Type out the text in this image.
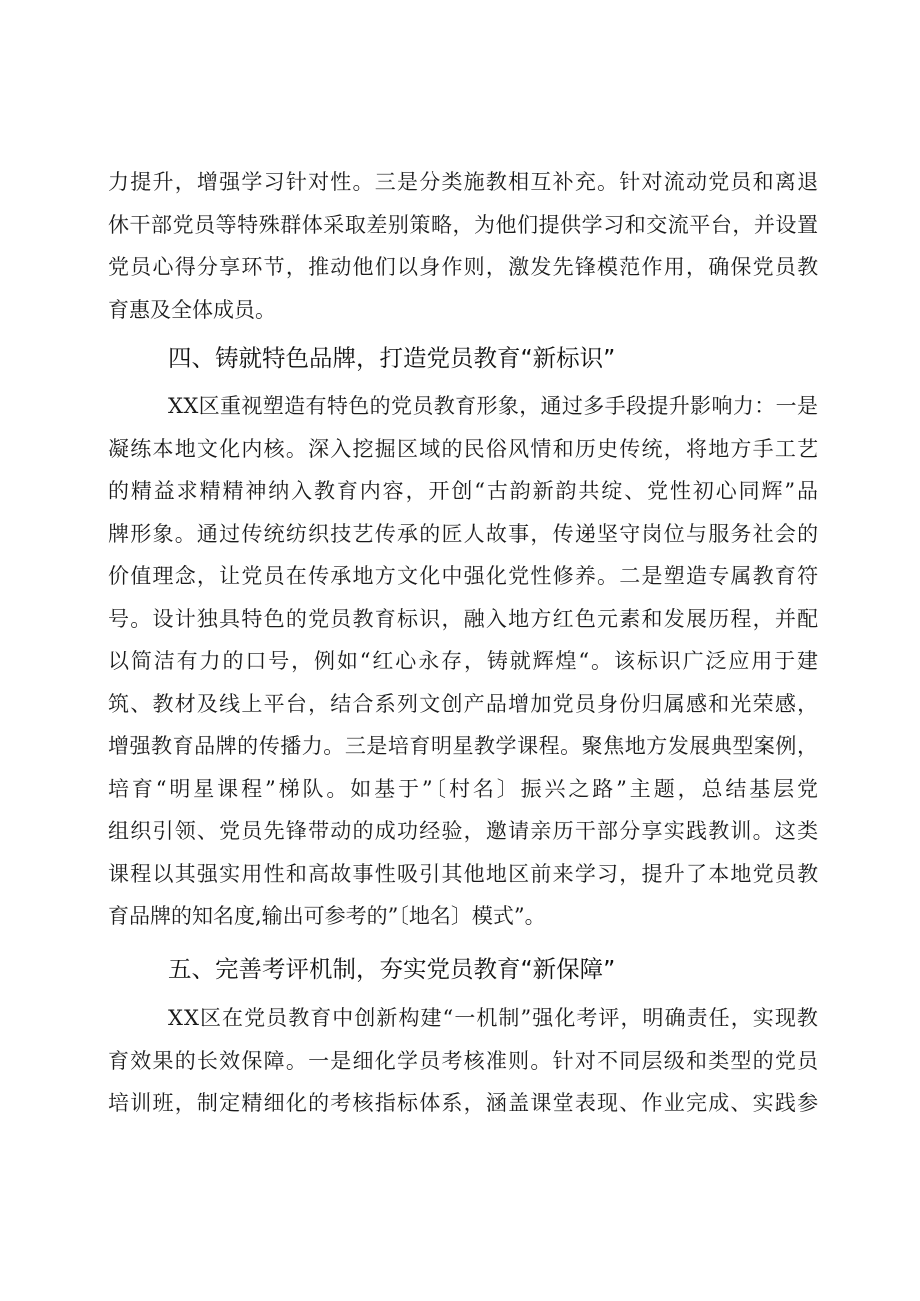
力提升，增强学习针对性。三是分类施教相互补充。针对流动党员和离退
休干部党员等特殊群体采取差别策略，为他们提供学习和交流平台，并设置
党员心得分享环节，推动他们以身作则，激发先锋模范作用，确保党员教
育惠及全体成员。
四、铸就特色品牌，打造党员教育“新标识”
XX区重视塑造有特色的党员教育形象，通过多手段提升影响力：一是
凝练本地文化内核。深入挖掘区域的民俗风情和历史传统，将地方手工艺
的精益求精精神纳入教育内容，开创“古韵新韵共绽、党性初心同辉”品
牌形象。通过传统纺织技艺传承的匠人故事，传递坚守岗位与服务社会的
价值理念，让党员在传承地方文化中强化党性修养。二是塑造专属教育符
号。设计独具特色的党员教育标识，融入地方红色元素和发展历程，并配
以简洁有力的口号，例如“红心永存，铸就辉煌“。该标识广泛应用于建
筑、教材及线上平台，结合系列文创产品增加党员身份归属感和光荣感，
增强教育品牌的传播力。三是培育明星教学课程。聚焦地方发展典型案例，
培育“明星课程”梯队。如基于”〔村名〕振兴之路”主题，总结基层党
组织引领、党员先锋带动的成功经验，邀请亲历干部分享实践教训。这类
课程以其强实用性和高故事性吸引其他地区前来学习，提升了本地党员教
育品牌的知名度,输出可参考的”〔地名〕模式”。
五、完善考评机制，夯实党员教育“新保障”
XX区在党员教育中创新构建“一机制”强化考评，明确责任，实现教
育效果的长效保障。一是细化学员考核准则。针对不同层级和类型的党员
培训班，制定精细化的考核指标体系，涵盖课堂表现、作业完成、实践参
